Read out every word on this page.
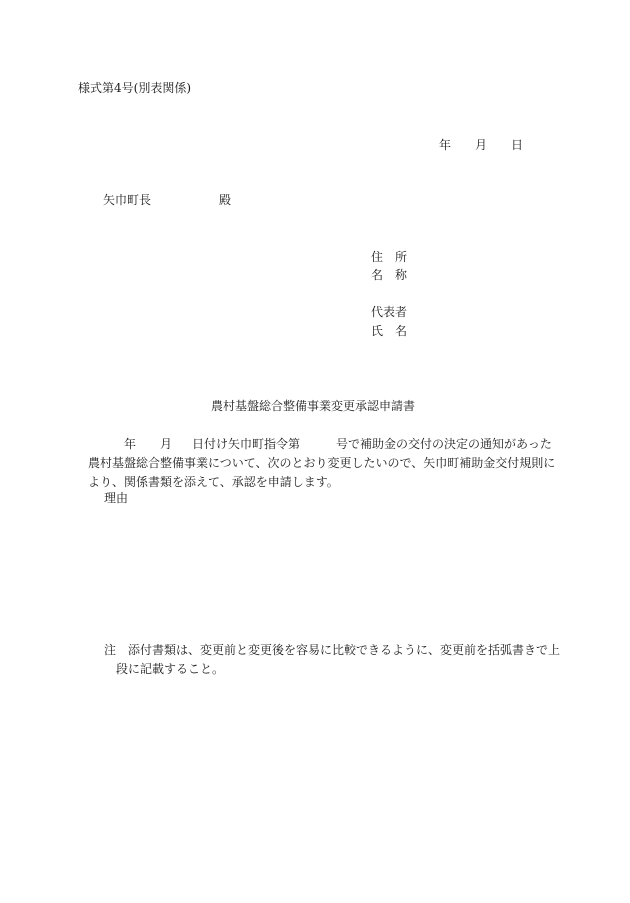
様式第4号(別表関係)
年 月 日
矢巾町長	殿
住　所
名　称
代表者
氏　名
農村基盤総合整備事業変更承認申請書
年 月 日付け矢巾町指令第	号で補助金の交付の決定の通知があった
農村基盤総合整備事業について、次のとおり変更したいので、矢巾町補助金交付規則に
より、関係書類を添えて、承認を申請します。
理由
注 添付書類は、変更前と変更後を容易に比較できるように、変更前を括弧書きで上
段に記載すること。
